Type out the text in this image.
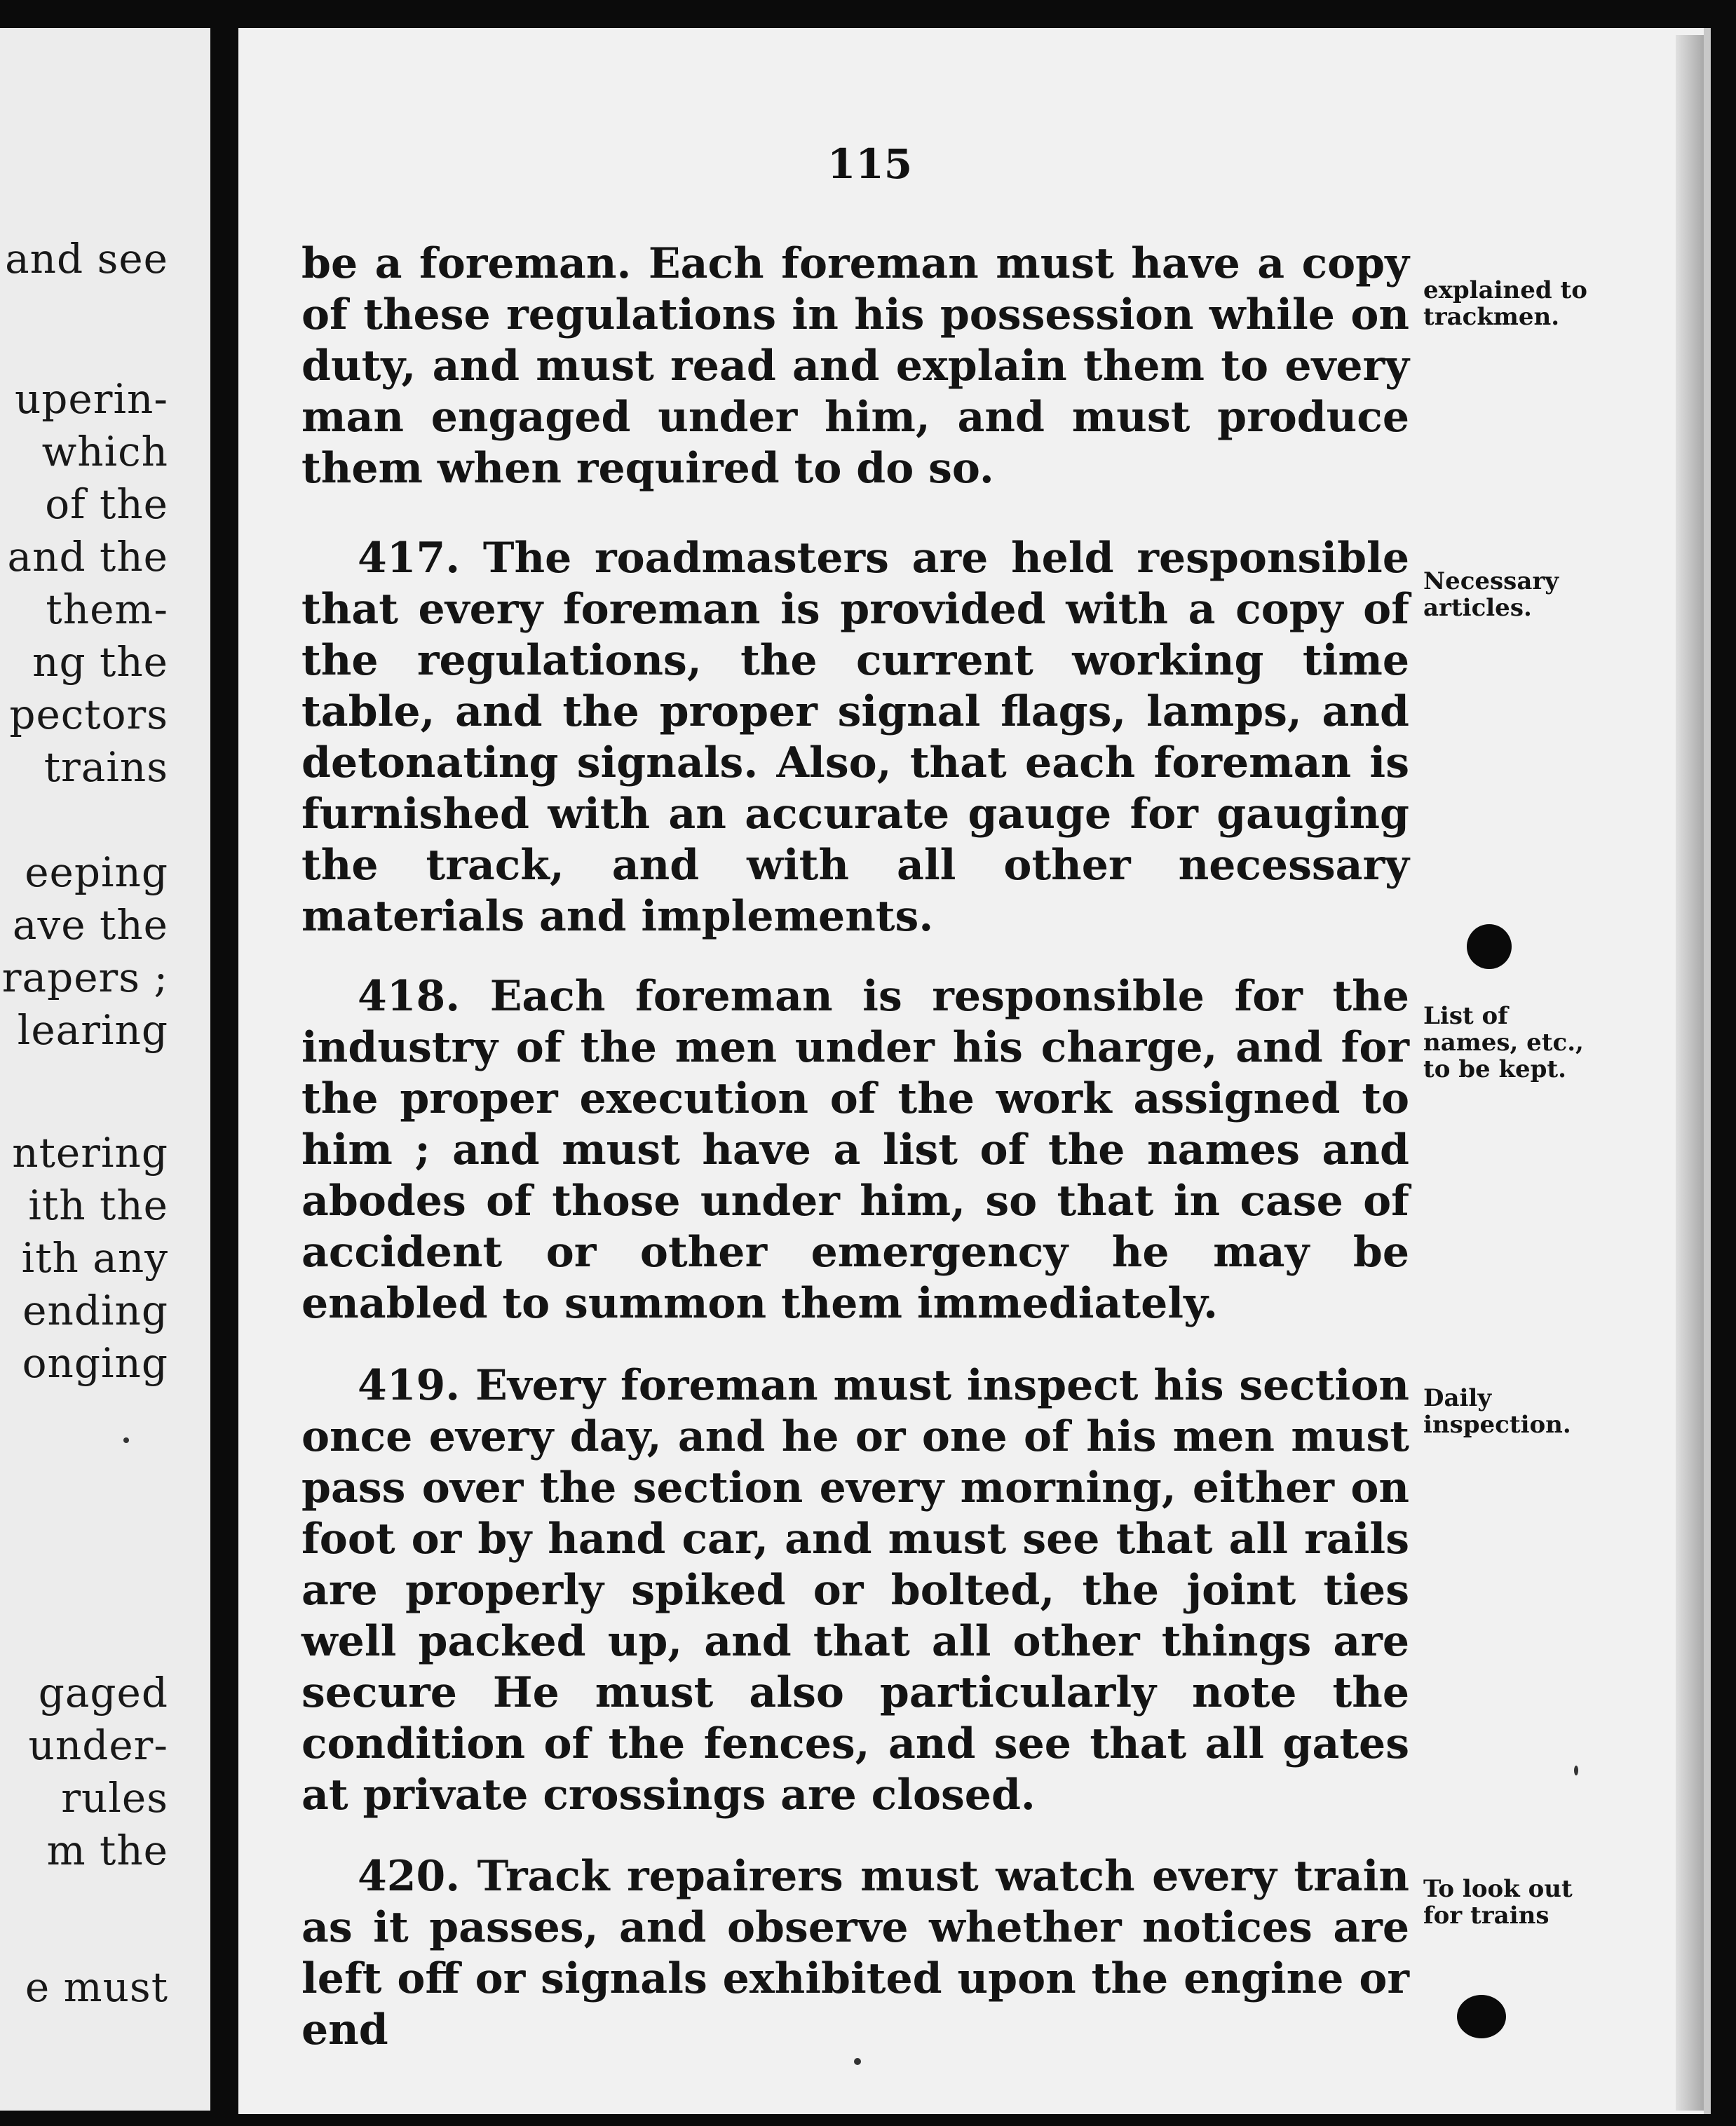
and see
uperin-
which
of the
and the
them-
ng the
pectors
trains
eeping
ave the
rapers ;
learing
ntering
ith the
ith any
ending
onging
gaged
under-
rules
m the
e must
115
be a foreman. Each foreman must have a copy of these regulations in his possession while on duty, and must read and explain them to every man engaged under him, and must produce them when required to do so.
417. The roadmasters are held responsible that every foreman is provided with a copy of the regulations, the current working time table, and the proper signal flags, lamps, and detonating signals. Also, that each foreman is furnished with an accurate gauge for gauging the track, and with all other necessary materials and implements.
418. Each foreman is responsible for the industry of the men under his charge, and for the proper execution of the work assigned to him ; and must have a list of the names and abodes of those under him, so that in case of accident or other emergency he may be enabled to summon them immediately.
419. Every foreman must inspect his section once every day, and he or one of his men must pass over the section every morning, either on foot or by hand car, and must see that all rails are properly spiked or bolted, the joint ties well packed up, and that all other things are secure He must also particularly note the condition of the fences, and see that all gates at private crossings are closed.
420. Track repairers must watch every train as it passes, and observe whether notices are left off or signals exhibited upon the engine or end
explained to trackmen.
Necessary articles.
List of names, etc., to be kept.
Daily inspection.
To look out for trains
